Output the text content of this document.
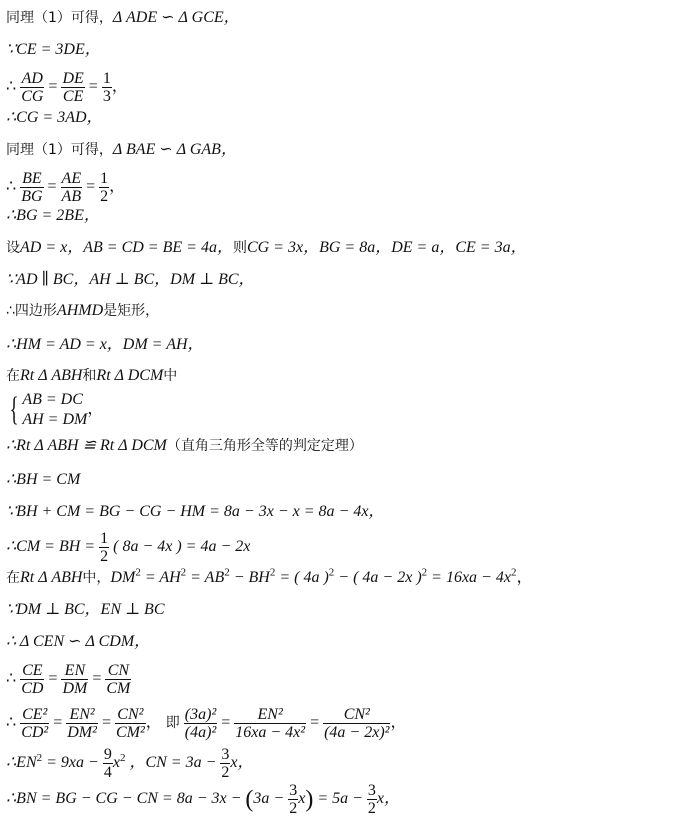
同理（1）可得，Δ ADE ∽ Δ GCE，
∵CE = 3DE，
∴ $\frac{AD}{CG} = \frac{DE}{CE} = \frac{1}{3}$ ，
∴CG = 3AD，
同理（1）可得，Δ BAE ∽ Δ GAB，
∴ $\frac{BE}{BG} = \frac{AE}{AB} = \frac{1}{2}$ ，
∴BG = 2BE，
设AD = x，AB = CD = BE = 4a，则CG = 3x，BG = 8a，DE = a，CE = 3a，
∵AD ∥ BC，AH ⊥ BC，DM ⊥ BC，
∴四边形AHMD是矩形，
∴HM = AD = x，DM = AH，
在Rt Δ ABH和Rt Δ DCM中
{ AB = DC
AH = DM
，
∴Rt Δ ABH ≌ Rt Δ DCM（直角三角形全等的判定定理）
∴BH = CM
∵BH + CM = BG − CG − HM = 8a − 3x − x = 8a − 4x，
∴CM = BH = $\frac{1}{2}$ ( 8a − 4x ) = 4a − 2x
在Rt Δ ABH中，$DM^2 = AH^2 = AB^2 - BH^2$ = ( 4a )$^2$ − ( 4a − 2x )$^2 = 16xa - 4x^2$，
∵DM ⊥ BC，EN ⊥ BC
∴ Δ CEN ∽ Δ CDM，
∴ $\frac{CE}{CD} = \frac{EN}{DM} = \frac{CN}{CM}$
∴ $\frac{\text{CE²}}{\text{CD²}} = \frac{\text{EN²}}{\text{DM²}} = \frac{\text{CN²}}{\text{CM²}}$ ， 即 $\frac{\text{(3a)²}}{\text{(4a)²}} = \frac{\text{EN²}}{\text{16xa − 4x²}} = \frac{\text{CN²}}{\text{(4a − 2x)²}}$ ，
$\therefore EN^2 = 9xa - \frac{9}{4} x^2$ ，CN = $3a - \frac{3}{2}$ x，
∴BN = BG − CG − CN = $8a - 3x - (3a - \frac{3}{2} x) = 5a - \frac{3}{2}$ x，
